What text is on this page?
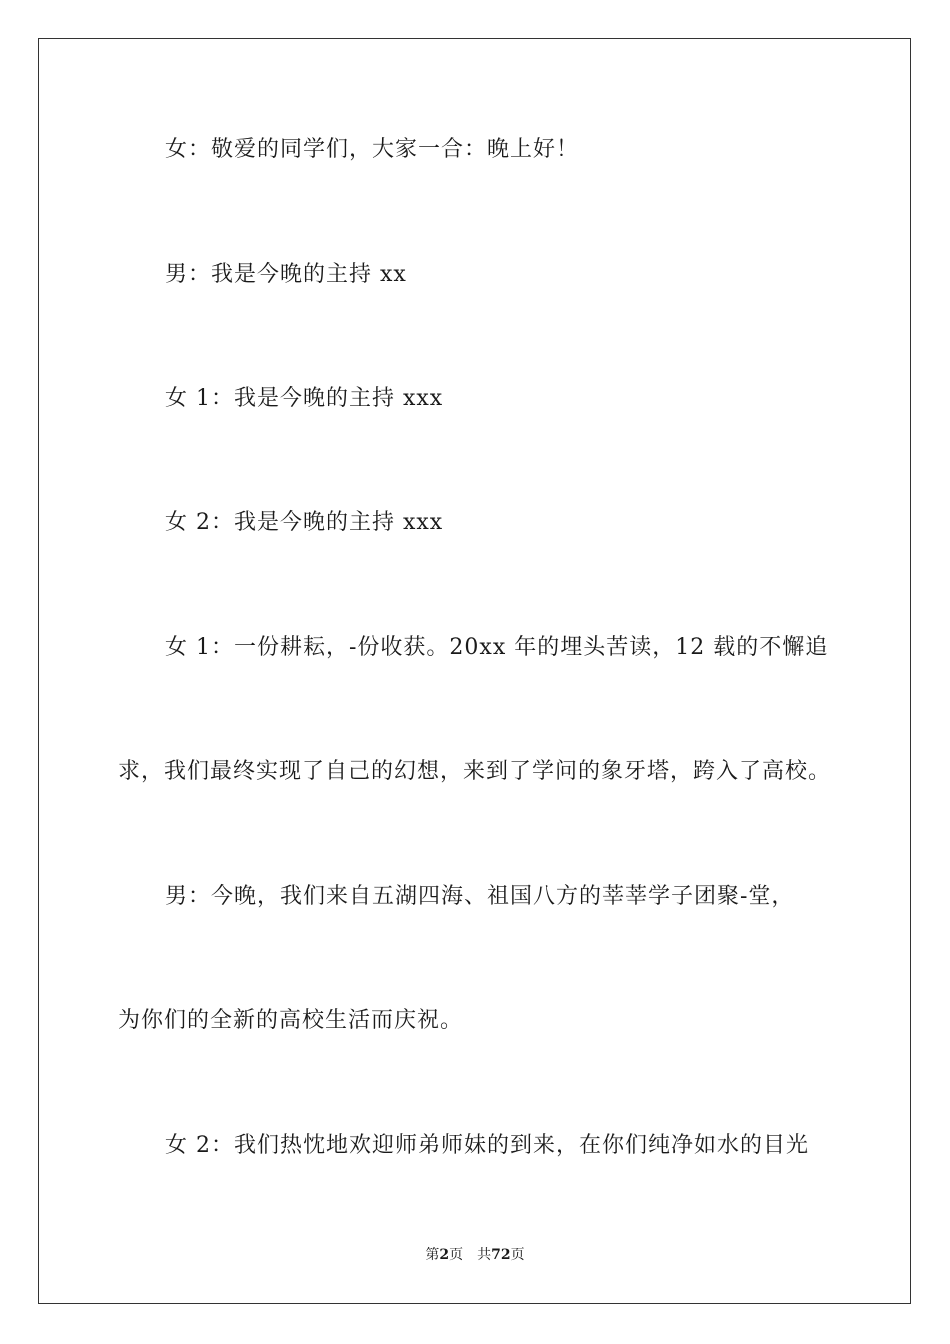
女：敬爱的同学们，大家一合：晚上好！
男：我是今晚的主持 xx
女 1：我是今晚的主持 xxx
女 2：我是今晚的主持 xxx
女 1：一份耕耘，-份收获。20xx 年的埋头苦读，12 载的不懈追
求，我们最终实现了自己的幻想，来到了学问的象牙塔，跨入了高校。
男：今晚，我们来自五湖四海、祖国八方的莘莘学子团聚-堂，
为你们的全新的高校生活而庆祝。
女 2：我们热忱地欢迎师弟师妹的到来，在你们纯净如水的目光
第2页 共72页
